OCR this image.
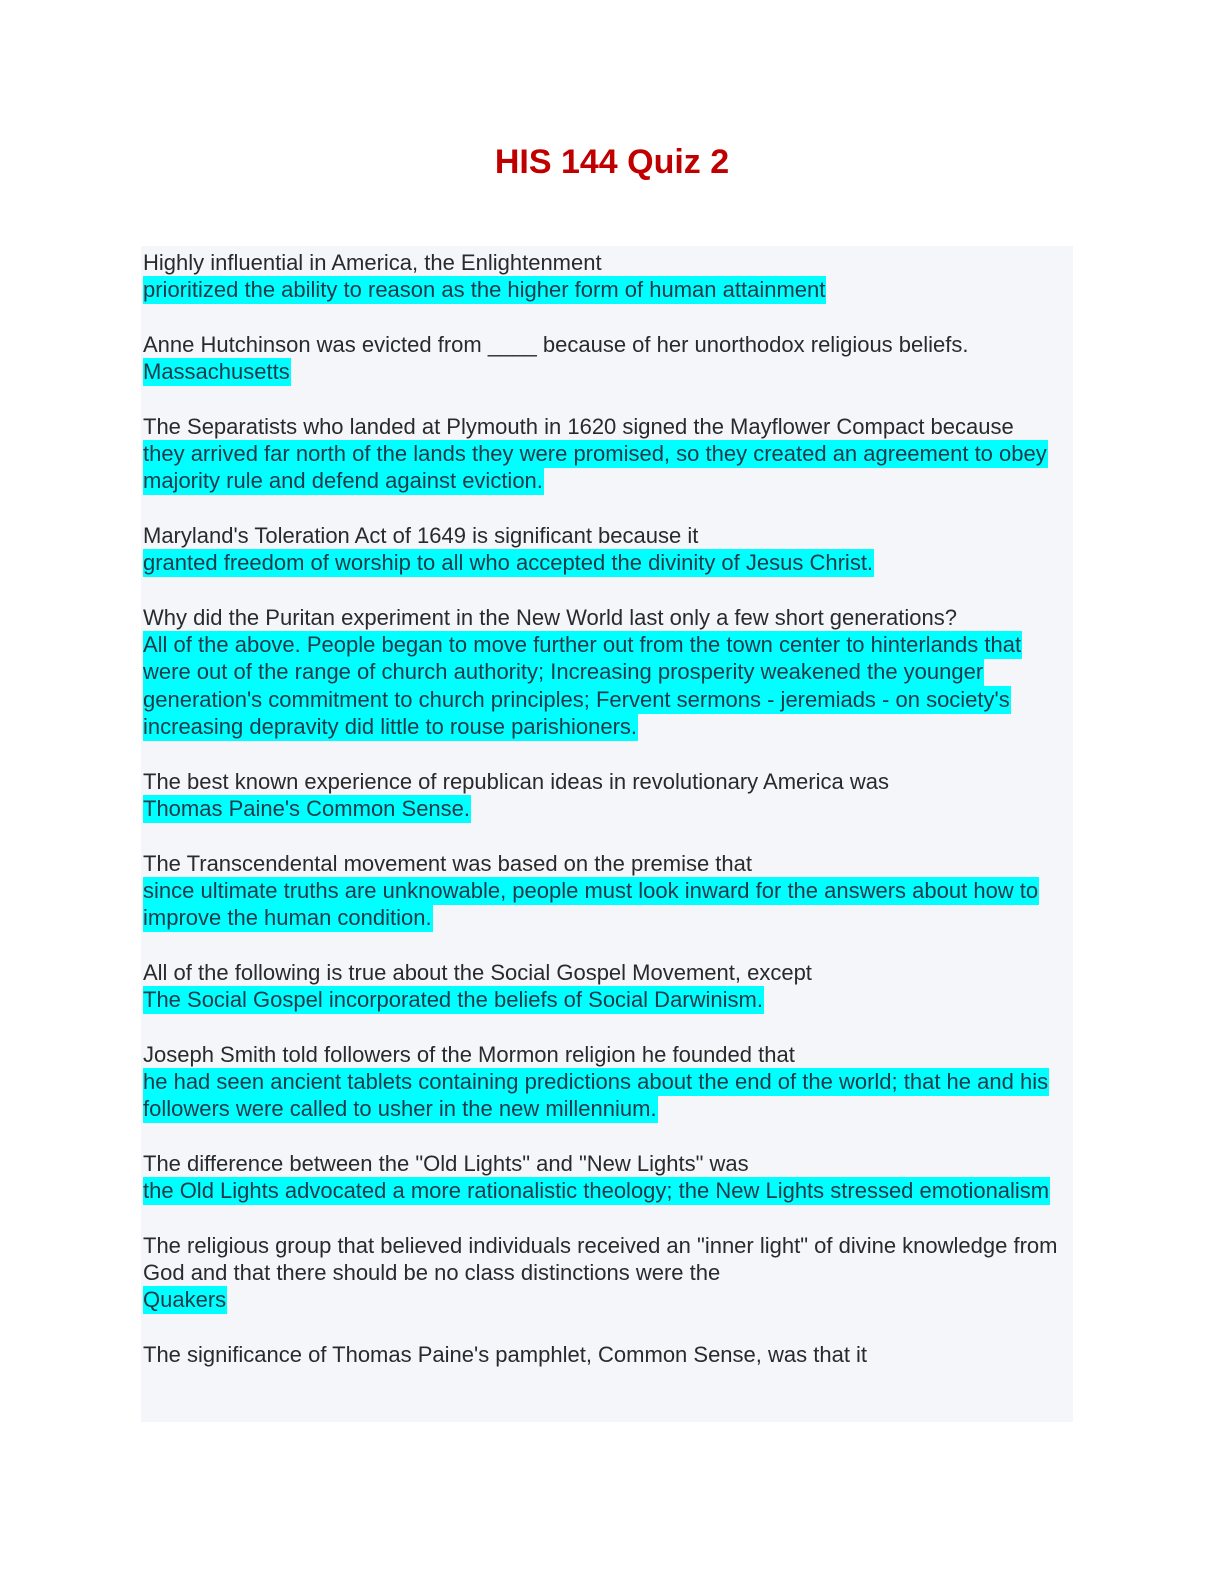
HIS 144 Quiz 2

Highly influential in America, the Enlightenment

prioritized the ability to reason as the higher form of human attainment

Anne Hutchinson was evicted from ____ because of her unorthodox religious beliefs.

Massachusetts

The Separatists who landed at Plymouth in 1620 signed the Mayflower Compact because

they arrived far north of the lands they were promised, so they created an agreement to obey majority rule and defend against eviction.

Maryland's Toleration Act of 1649 is significant because it

granted freedom of worship to all who accepted the divinity of Jesus Christ.

Why did the Puritan experiment in the New World last only a few short generations?

All of the above. People began to move further out from the town center to hinterlands that were out of the range of church authority; Increasing prosperity weakened the younger generation's commitment to church principles; Fervent sermons - jeremiads - on society's increasing depravity did little to rouse parishioners.

The best known experience of republican ideas in revolutionary America was

Thomas Paine's Common Sense.

The Transcendental movement was based on the premise that

since ultimate truths are unknowable, people must look inward for the answers about how to improve the human condition.

All of the following is true about the Social Gospel Movement, except

The Social Gospel incorporated the beliefs of Social Darwinism.

Joseph Smith told followers of the Mormon religion he founded that

he had seen ancient tablets containing predictions about the end of the world; that he and his followers were called to usher in the new millennium.

The difference between the "Old Lights" and "New Lights" was

the Old Lights advocated a more rationalistic theology; the New Lights stressed emotionalism

The religious group that believed individuals received an "inner light" of divine knowledge from God and that there should be no class distinctions were the

Quakers

The significance of Thomas Paine's pamphlet, Common Sense, was that it
